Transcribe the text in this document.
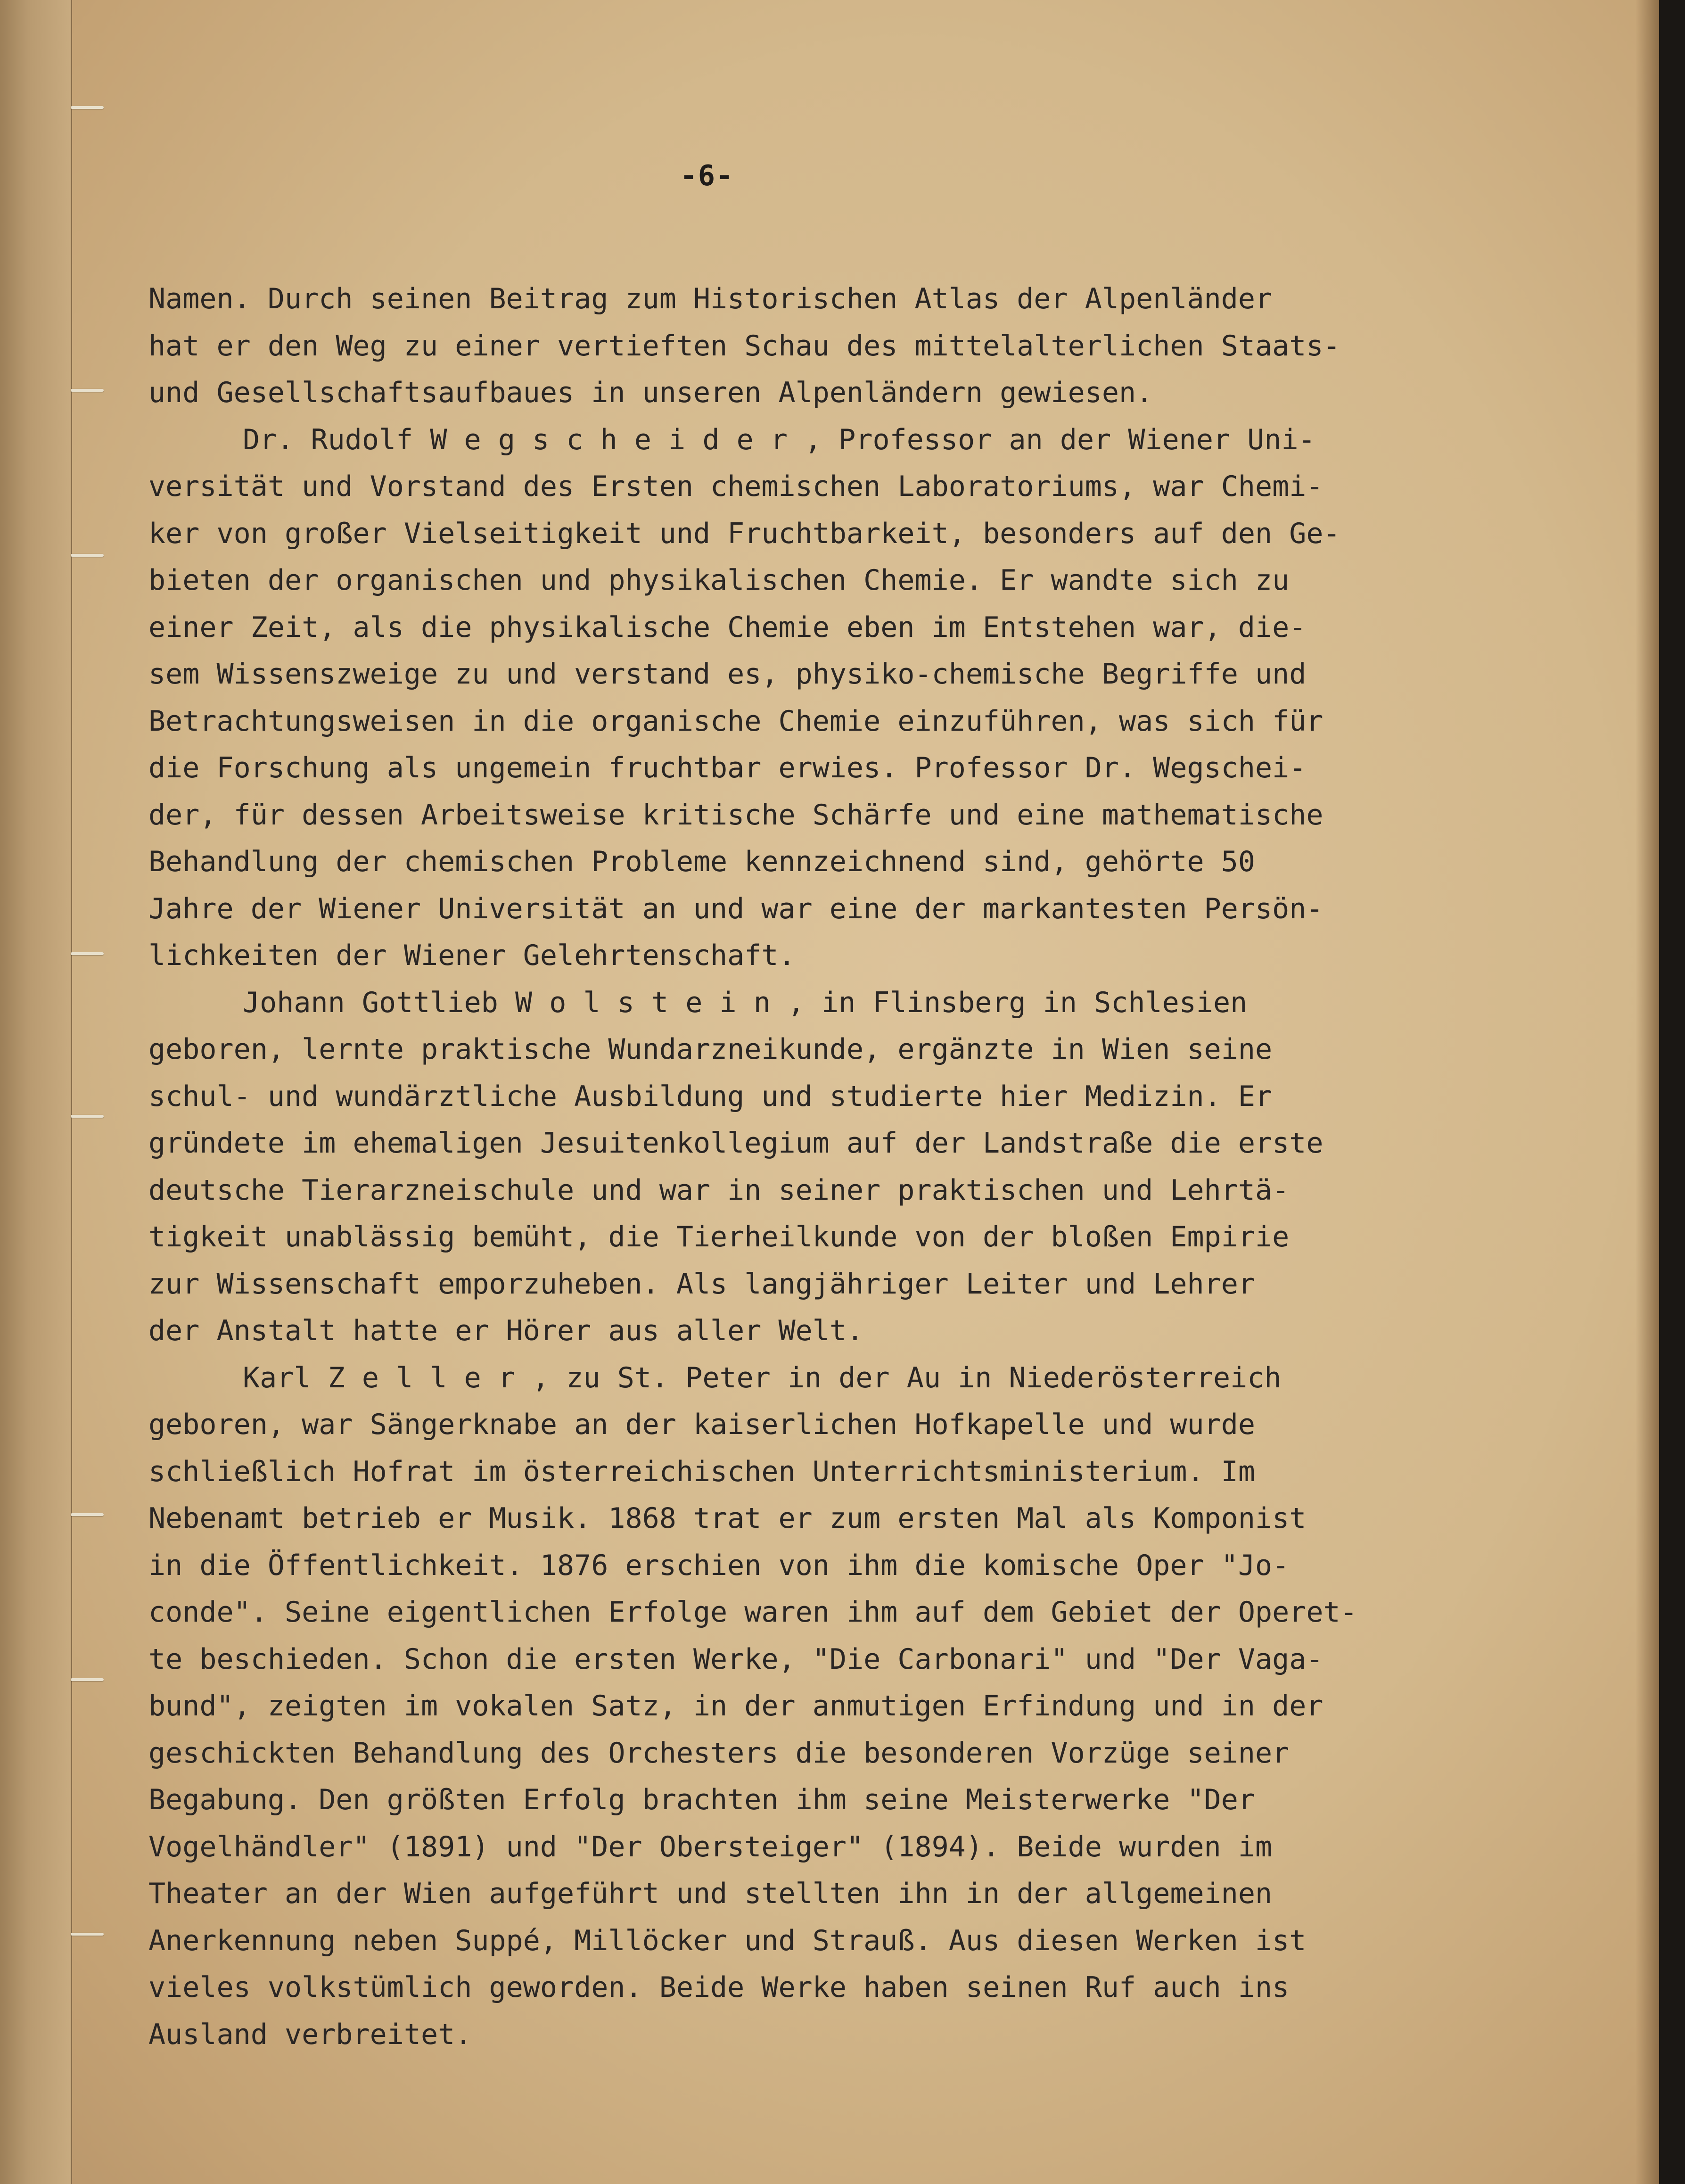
-6-
Namen. Durch seinen Beitrag zum Historischen Atlas der Alpenländer
hat er den Weg zu einer vertieften Schau des mittelalterlichen Staats-
und Gesellschaftsaufbaues in unseren Alpenländern gewiesen.
Dr. Rudolf W e g s c h e i d e r , Professor an der Wiener Uni-
versität und Vorstand des Ersten chemischen Laboratoriums, war Chemi-
ker von großer Vielseitigkeit und Fruchtbarkeit, besonders auf den Ge-
bieten der organischen und physikalischen Chemie. Er wandte sich zu
einer Zeit, als die physikalische Chemie eben im Entstehen war, die-
sem Wissenszweige zu und verstand es, physiko-chemische Begriffe und
Betrachtungsweisen in die organische Chemie einzuführen, was sich für
die Forschung als ungemein fruchtbar erwies. Professor Dr. Wegschei-
der, für dessen Arbeitsweise kritische Schärfe und eine mathematische
Behandlung der chemischen Probleme kennzeichnend sind, gehörte 50
Jahre der Wiener Universität an und war eine der markantesten Persön-
lichkeiten der Wiener Gelehrtenschaft.
Johann Gottlieb W o l s t e i n , in Flinsberg in Schlesien
geboren, lernte praktische Wundarzneikunde, ergänzte in Wien seine
schul- und wundärztliche Ausbildung und studierte hier Medizin. Er
gründete im ehemaligen Jesuitenkollegium auf der Landstraße die erste
deutsche Tierarzneischule und war in seiner praktischen und Lehrtä-
tigkeit unablässig bemüht, die Tierheilkunde von der bloßen Empirie
zur Wissenschaft emporzuheben. Als langjähriger Leiter und Lehrer
der Anstalt hatte er Hörer aus aller Welt.
Karl Z e l l e r , zu St. Peter in der Au in Niederösterreich
geboren, war Sängerknabe an der kaiserlichen Hofkapelle und wurde
schließlich Hofrat im österreichischen Unterrichtsministerium. Im
Nebenamt betrieb er Musik. 1868 trat er zum ersten Mal als Komponist
in die Öffentlichkeit. 1876 erschien von ihm die komische Oper "Jo-
conde". Seine eigentlichen Erfolge waren ihm auf dem Gebiet der Operet-
te beschieden. Schon die ersten Werke, "Die Carbonari" und "Der Vaga-
bund", zeigten im vokalen Satz, in der anmutigen Erfindung und in der
geschickten Behandlung des Orchesters die besonderen Vorzüge seiner
Begabung. Den größten Erfolg brachten ihm seine Meisterwerke "Der
Vogelhändler" (1891) und "Der Obersteiger" (1894). Beide wurden im
Theater an der Wien aufgeführt und stellten ihn in der allgemeinen
Anerkennung neben Suppé, Millöcker und Strauß. Aus diesen Werken ist
vieles volkstümlich geworden. Beide Werke haben seinen Ruf auch ins
Ausland verbreitet.
